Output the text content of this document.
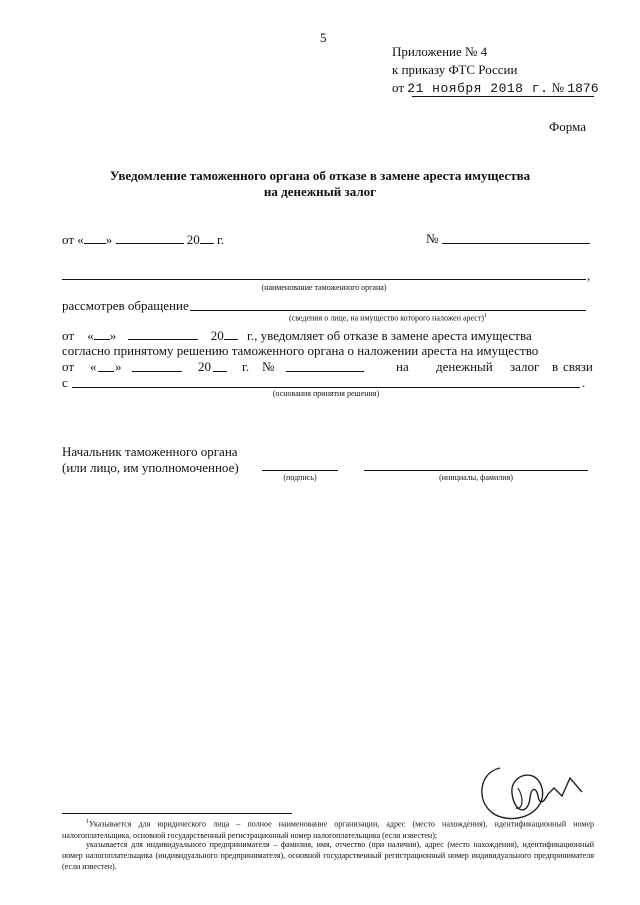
5
Приложение № 4
к приказу ФТС России
от 21 ноября 2018 г. № 1876
Форма
Уведомление таможенного органа об отказе в замене ареста имущества
на денежный залог
от « »	20 г.	№
,
(наименование таможенного органа)
рассмотрев обращение
(сведения о лице, на имущество которого наложен арест)$^1$
от « »	20 г., уведомляет об отказе в замене ареста имущества
согласно принятому решению таможенного органа о наложении ареста на имущество
от « »	20 г. №	на денежный залог в связи
с	.
(основания принятия решения)
Начальник таможенного органа
(или лицо, им уполномоченное)
(подпись)	(инициалы, фамилия)
$^1$Указывается для юридического лица – полное наименование организации, адрес (место нахождения), идентификационный номер налогоплательщика, основной государственный регистрационный номер налогоплательщика (если известен);
указывается для индивидуального предпринимателя – фамилия, имя, отчество (при наличии), адрес (место нахождения), идентификационный номер налогоплательщика (индивидуального предпринимателя), основной государственный регистрационный номер индивидуального предпринимателя (если известен).
